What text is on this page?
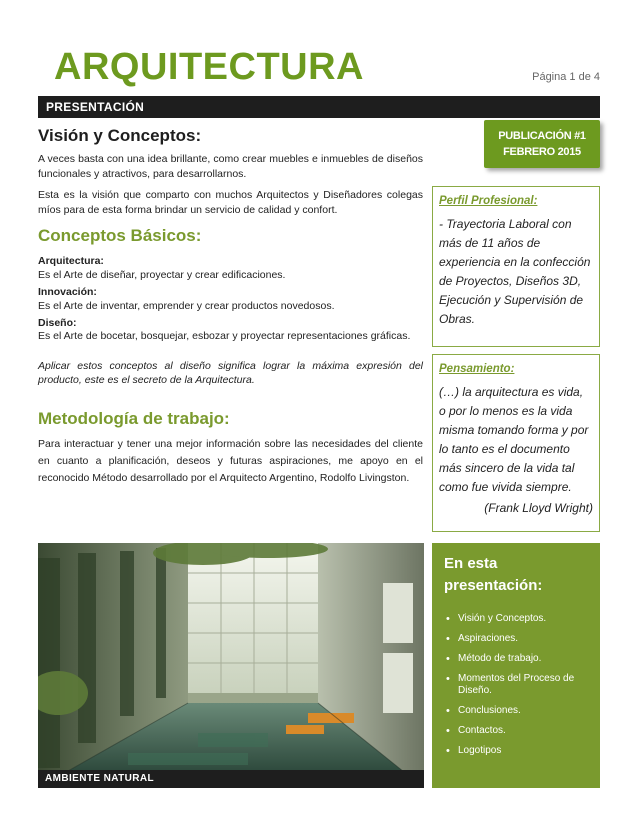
ARQUITECTURA	Página 1 de 4
PRESENTACIÓN
Visión y Conceptos:

A veces basta con una idea brillante, como crear muebles e inmuebles de diseños funcionales y atractivos, para desarrollarnos.

Esta es la visión que comparto con muchos Arquitectos y Diseñadores colegas míos para de esta forma brindar un servicio de calidad y confort.

Conceptos Básicos:
Arquitectura:
Es el Arte de diseñar, proyectar y crear edificaciones.
Innovación:
Es el Arte de inventar, emprender y crear productos novedosos.
Diseño:
Es el Arte de bocetar, bosquejar, esbozar y proyectar representaciones gráficas.

Aplicar estos conceptos al diseño significa lograr la máxima expresión del producto, este es el secreto de la Arquitectura.

Metodología de trabajo:

Para interactuar y tener una mejor información sobre las necesidades del cliente en cuanto a planificación, deseos y futuras aspiraciones, me apoyo en el reconocido Método desarrollado por el Arquitecto Argentino, Rodolfo Livingston.

PUBLICACIÓN #1
FEBRERO 2015
Perfil Profesional:
- Trayectoria Laboral con más de 11 años de experiencia en la confección de Proyectos, Diseños 3D, Ejecución y Supervisión de Obras.
Pensamiento:
(…) la arquitectura es vida, o por lo menos es la vida misma tomando forma y por lo tanto es el documento más sincero de la vida tal como fue vivida siempre.
(Frank Lloyd Wright)
AMBIENTE NATURAL
En esta presentación:
• Visión y Conceptos.
• Aspiraciones.
• Método de trabajo.
• Momentos del Proceso de Diseño.
• Conclusiones.
• Contactos.
• Logotipos
